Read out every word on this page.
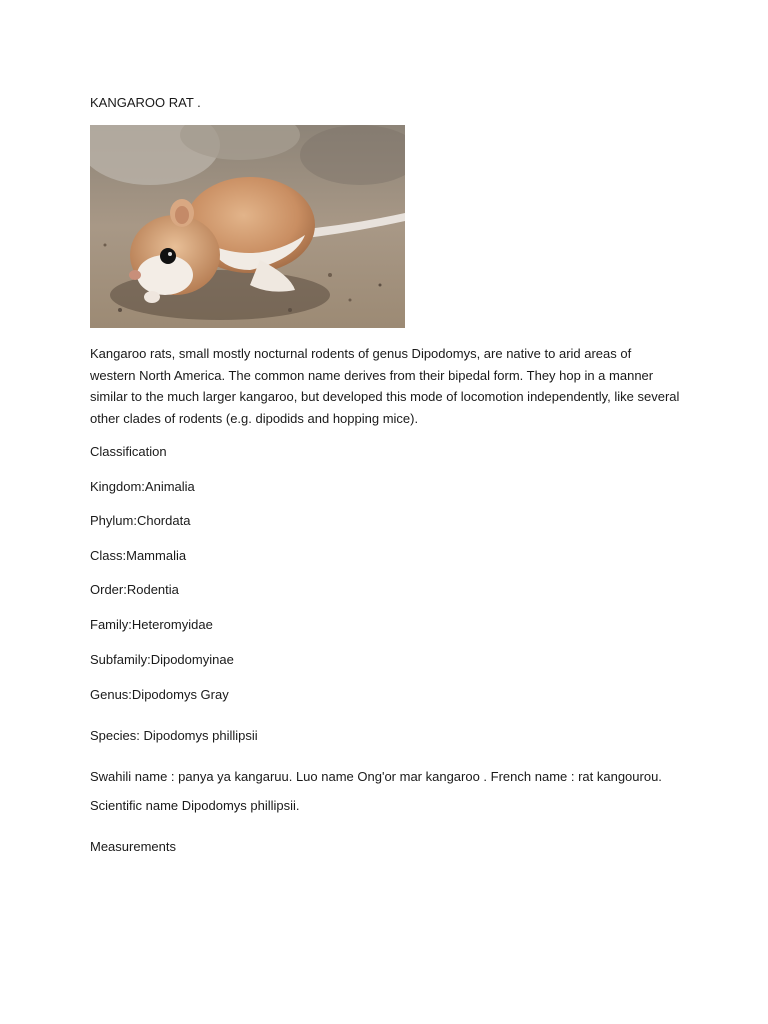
KANGAROO RAT .
Kangaroo rats, small mostly nocturnal rodents of genus Dipodomys, are native to arid areas of western North America. The common name derives from their bipedal form. They hop in a manner similar to the much larger kangaroo, but developed this mode of locomotion independently, like several other clades of rodents (e.g. dipodids and hopping mice).
Classification
Kingdom:Animalia
Phylum:Chordata
Class:Mammalia
Order:Rodentia
Family:Heteromyidae
Subfamily:Dipodomyinae
Genus:Dipodomys Gray
Species: Dipodomys phillipsii
Swahili name : panya ya kangaruu. Luo name Ong'or mar kangaroo . French name : rat kangourou. Scientific name Dipodomys phillipsii.
Measurements
